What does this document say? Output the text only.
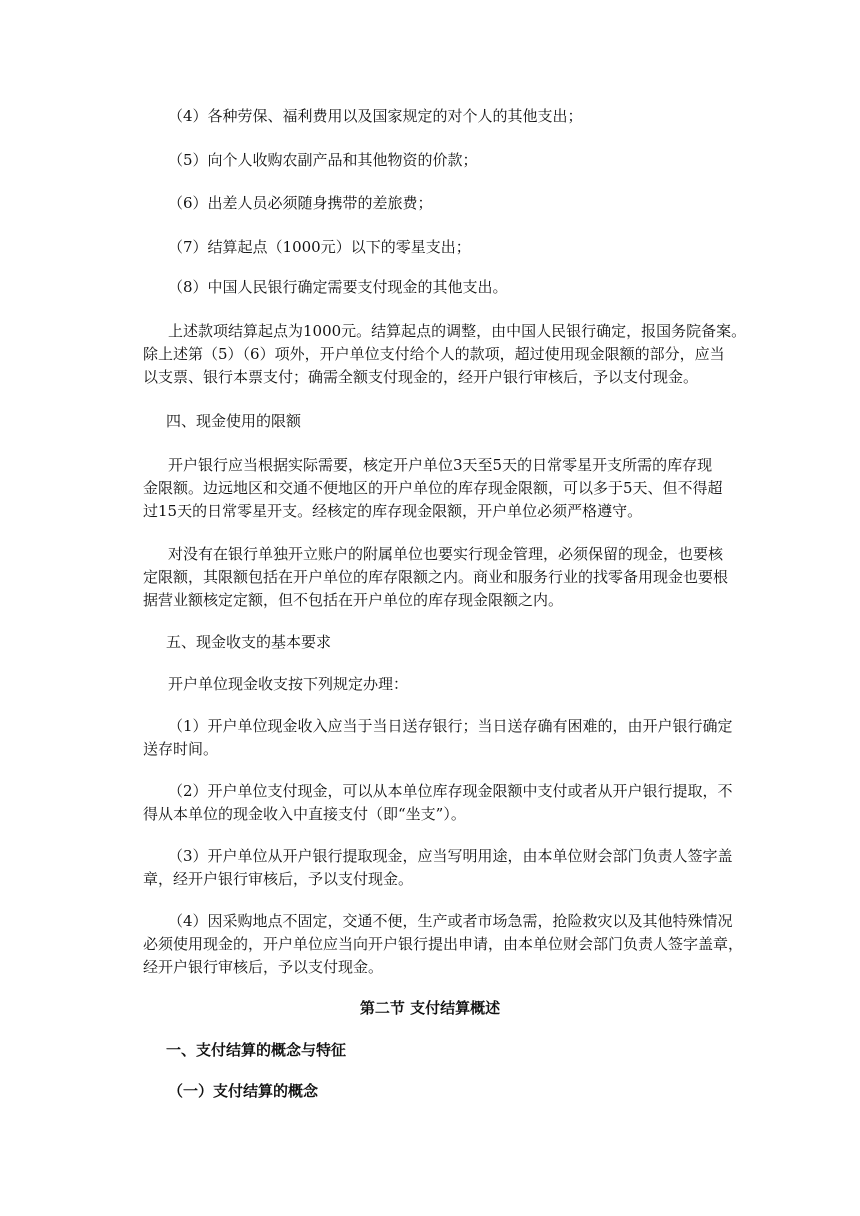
（4）各种劳保、福利费用以及国家规定的对个人的其他支出；
（5）向个人收购农副产品和其他物资的价款；
（6）出差人员必须随身携带的差旅费；
（7）结算起点（1000元）以下的零星支出；
（8）中国人民银行确定需要支付现金的其他支出。
上述款项结算起点为1000元。结算起点的调整，由中国人民银行确定，报国务院备案。
除上述第（5）（6）项外，开户单位支付给个人的款项，超过使用现金限额的部分，应当
以支票、银行本票支付；确需全额支付现金的，经开户银行审核后，予以支付现金。
四、现金使用的限额
开户银行应当根据实际需要，核定开户单位3天至5天的日常零星开支所需的库存现
金限额。边远地区和交通不便地区的开户单位的库存现金限额，可以多于5天、但不得超
过15天的日常零星开支。经核定的库存现金限额，开户单位必须严格遵守。
对没有在银行单独开立账户的附属单位也要实行现金管理，必须保留的现金，也要核
定限额，其限额包括在开户单位的库存限额之内。商业和服务行业的找零备用现金也要根
据营业额核定定额，但不包括在开户单位的库存现金限额之内。
五、现金收支的基本要求
开户单位现金收支按下列规定办理：
（1）开户单位现金收入应当于当日送存银行；当日送存确有困难的，由开户银行确定
送存时间。
（2）开户单位支付现金，可以从本单位库存现金限额中支付或者从开户银行提取，不
得从本单位的现金收入中直接支付（即“坐支”）。
（3）开户单位从开户银行提取现金，应当写明用途，由本单位财会部门负责人签字盖
章，经开户银行审核后，予以支付现金。
（4）因采购地点不固定，交通不便，生产或者市场急需，抢险救灾以及其他特殊情况
必须使用现金的，开户单位应当向开户银行提出申请，由本单位财会部门负责人签字盖章，
经开户银行审核后，予以支付现金。
第二节 支付结算概述
一、支付结算的概念与特征
（一）支付结算的概念
